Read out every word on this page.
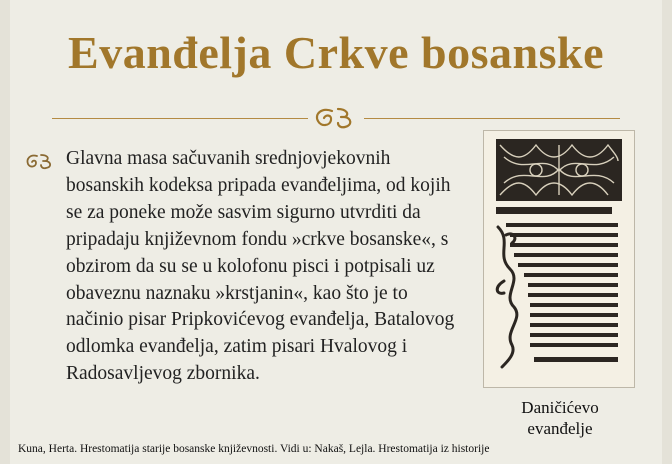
Evanđelja Crkve bosanske
Glavna masa sačuvanih srednjovjekovnih bosanskih kodeksa pripada evanđeljima, od kojih se za poneke može sasvim sigurno utvrditi da pripadaju književnom fondu »crkve bosanske«, s obzirom da su se u kolofonu pisci i potpisali uz obaveznu naznaku »krstjanin«, kao što je to načinio pisar Pripkovićevog evanđelja, Batalovog odlomka evanđelja, zatim pisari Hvalovog i Radosavljevog zbornika.
Daničićevo
evanđelje
Kuna, Herta. Hrestomatija starije bosanske književnosti. Vidi u: Nakaš, Lejla. Hrestomatija iz historije
